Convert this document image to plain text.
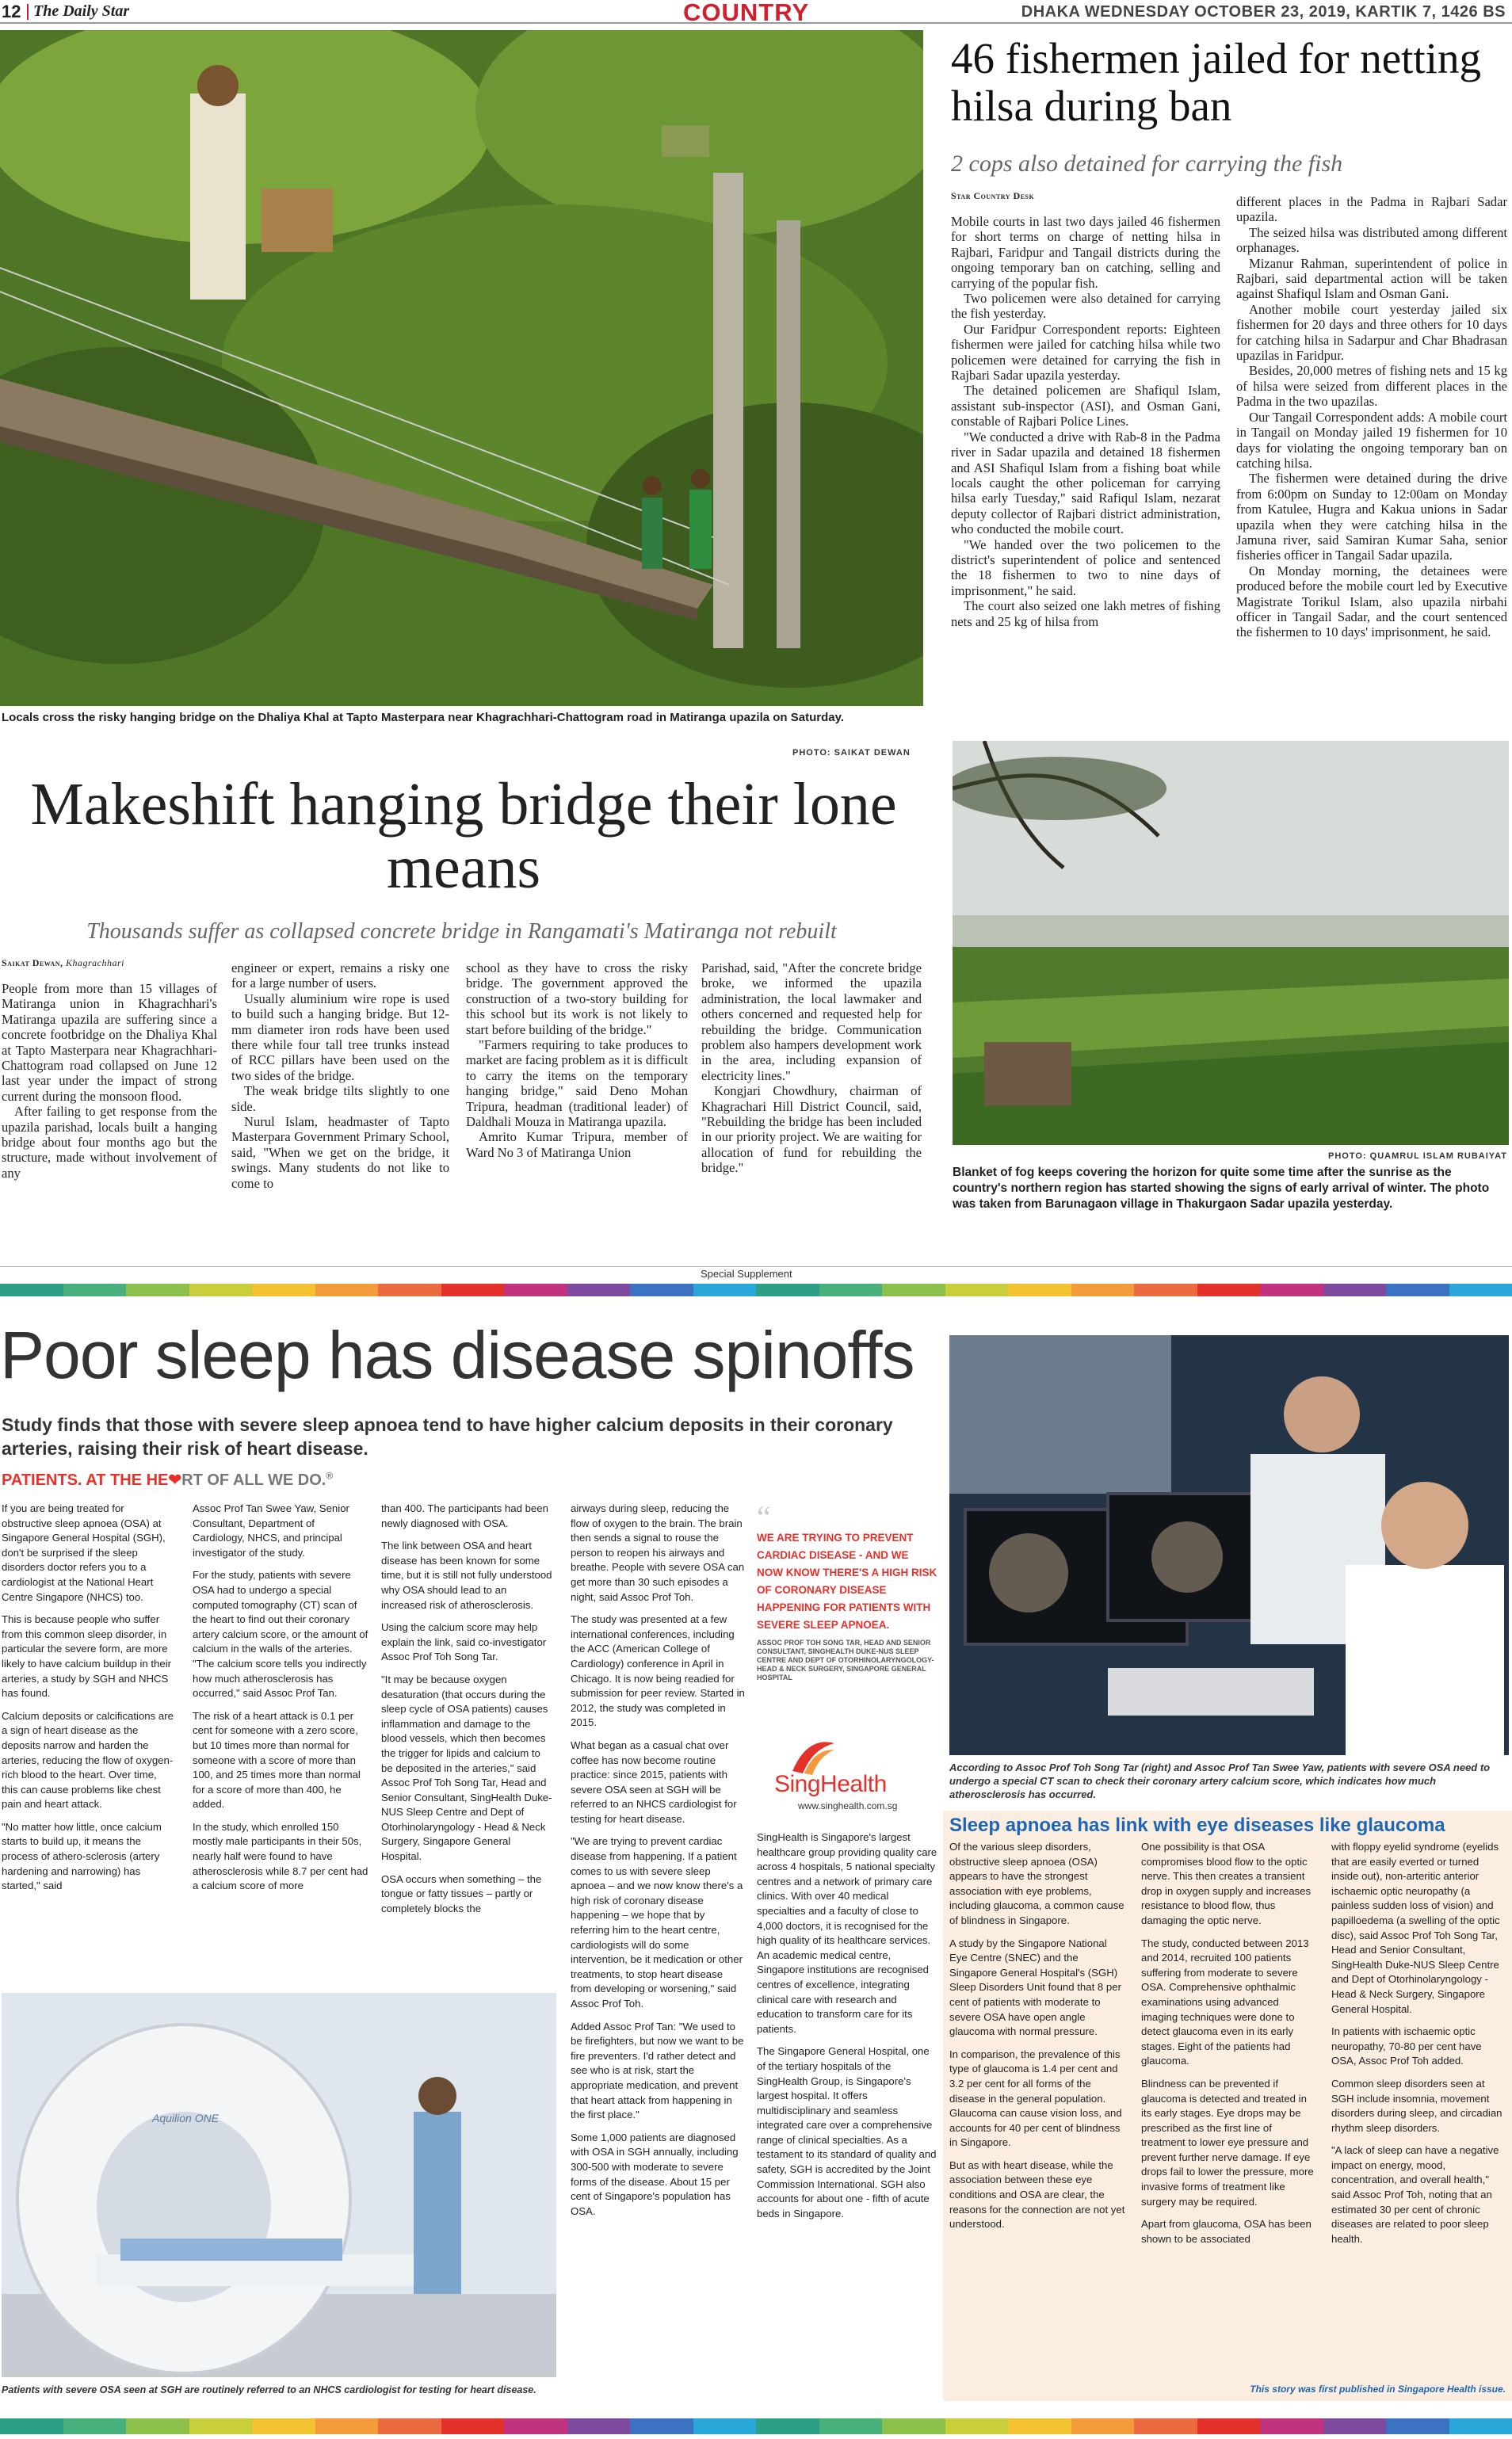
12 The Daily Star	COUNTRY	DHAKA WEDNESDAY OCTOBER 23, 2019, KARTIK 7, 1426 BS
Locals cross the risky hanging bridge on the Dhaliya Khal at Tapto Masterpara near Khagrachhari-Chattogram road in Matiranga upazila on Saturday.
PHOTO: SAIKAT DEWAN
46 fishermen jailed for netting hilsa during ban
2 cops also detained for carrying the fish
Star Country Desk

Mobile courts in last two days jailed 46 fishermen for short terms on charge of netting hilsa in Rajbari, Faridpur and Tangail districts during the ongoing temporary ban on catching, selling and carrying of the popular fish.

Two policemen were also detained for carrying the fish yesterday.

Our Faridpur Correspondent reports: Eighteen fishermen were jailed for catching hilsa while two policemen were detained for carrying the fish in Rajbari Sadar upazila yesterday.

The detained policemen are Shafiqul Islam, assistant sub-inspector (ASI), and Osman Gani, constable of Rajbari Police Lines.

"We conducted a drive with Rab-8 in the Padma river in Sadar upazila and detained 18 fishermen and ASI Shafiqul Islam from a fishing boat while locals caught the other policeman for carrying hilsa early Tuesday," said Rafiqul Islam, nezarat deputy collector of Rajbari district administration, who conducted the mobile court.

"We handed over the two policemen to the district's superintendent of police and sentenced the 18 fishermen to two to nine days of imprisonment," he said.

The court also seized one lakh metres of fishing nets and 25 kg of hilsa from

different places in the Padma in Rajbari Sadar upazila.

The seized hilsa was distributed among different orphanages.

Mizanur Rahman, superintendent of police in Rajbari, said departmental action will be taken against Shafiqul Islam and Osman Gani.

Another mobile court yesterday jailed six fishermen for 20 days and three others for 10 days for catching hilsa in Sadarpur and Char Bhadrasan upazilas in Faridpur.

Besides, 20,000 metres of fishing nets and 15 kg of hilsa were seized from different places in the Padma in the two upazilas.

Our Tangail Correspondent adds: A mobile court in Tangail on Monday jailed 19 fishermen for 10 days for violating the ongoing temporary ban on catching hilsa.

The fishermen were detained during the drive from 6:00pm on Sunday to 12:00am on Monday from Katulee, Hugra and Kakua unions in Sadar upazila when they were catching hilsa in the Jamuna river, said Samiran Kumar Saha, senior fisheries officer in Tangail Sadar upazila.

On Monday morning, the detainees were produced before the mobile court led by Executive Magistrate Torikul Islam, also upazila nirbahi officer in Tangail Sadar, and the court sentenced the fishermen to 10 days' imprisonment, he said.

Makeshift hanging bridge their lone means
Thousands suffer as collapsed concrete bridge in Rangamati's Matiranga not rebuilt
Saikat Dewan, Khagrachhari

People from more than 15 villages of Matiranga union in Khagrachhari's Matiranga upazila are suffering since a concrete footbridge on the Dhaliya Khal at Tapto Masterpara near Khagrachhari-Chattogram road collapsed on June 12 last year under the impact of strong current during the monsoon flood.

After failing to get response from the upazila parishad, locals built a hanging bridge about four months ago but the structure, made without involvement of any

engineer or expert, remains a risky one for a large number of users.

Usually aluminium wire rope is used to build such a hanging bridge. But 12-mm diameter iron rods have been used there while four tall tree trunks instead of RCC pillars have been used on the two sides of the bridge.

The weak bridge tilts slightly to one side.

Nurul Islam, headmaster of Tapto Masterpara Government Primary School, said, "When we get on the bridge, it swings. Many students do not like to come to

school as they have to cross the risky bridge. The government approved the construction of a two-story building for this school but its work is not likely to start before building of the bridge."

"Farmers requiring to take produces to market are facing problem as it is difficult to carry the items on the temporary hanging bridge," said Deno Mohan Tripura, headman (traditional leader) of Daldhali Mouza in Matiranga upazila.

Amrito Kumar Tripura, member of Ward No 3 of Matiranga Union

Parishad, said, "After the concrete bridge broke, we informed the upazila administration, the local lawmaker and others concerned and requested help for rebuilding the bridge. Communication problem also hampers development work in the area, including expansion of electricity lines."

Kongjari Chowdhury, chairman of Khagrachari Hill District Council, said, "Rebuilding the bridge has been included in our priority project. We are waiting for allocation of fund for rebuilding the bridge."

PHOTO: QUAMRUL ISLAM RUBAIYAT
Blanket of fog keeps covering the horizon for quite some time after the sunrise as the country's northern region has started showing the signs of early arrival of winter. The photo was taken from Barunagaon village in Thakurgaon Sadar upazila yesterday.
Special Supplement
Poor sleep has disease spinoffs
Study finds that those with severe sleep apnoea tend to have higher calcium deposits in their coronary arteries, raising their risk of heart disease.
PATIENTS. AT THE HE❤RT OF ALL WE DO.®

If you are being treated for obstructive sleep apnoea (OSA) at Singapore General Hospital (SGH), don't be surprised if the sleep disorders doctor refers you to a cardiologist at the National Heart Centre Singapore (NHCS) too.

This is because people who suffer from this common sleep disorder, in particular the severe form, are more likely to have calcium buildup in their arteries, a study by SGH and NHCS has found.

Calcium deposits or calcifications are a sign of heart disease as the deposits narrow and harden the arteries, reducing the flow of oxygen-rich blood to the heart. Over time, this can cause problems like chest pain and heart attack.

"No matter how little, once calcium starts to build up, it means the process of athero-sclerosis (artery hardening and narrowing) has started," said

Assoc Prof Tan Swee Yaw, Senior Consultant, Department of Cardiology, NHCS, and principal investigator of the study.

For the study, patients with severe OSA had to undergo a special computed tomography (CT) scan of the heart to find out their coronary artery calcium score, or the amount of calcium in the walls of the arteries. "The calcium score tells you indirectly how much atherosclerosis has occurred," said Assoc Prof Tan.

The risk of a heart attack is 0.1 per cent for someone with a zero score, but 10 times more than normal for someone with a score of more than 100, and 25 times more than normal for a score of more than 400, he added.

In the study, which enrolled 150 mostly male participants in their 50s, nearly half were found to have atherosclerosis while 8.7 per cent had a calcium score of more

than 400. The participants had been newly diagnosed with OSA.

The link between OSA and heart disease has been known for some time, but it is still not fully understood why OSA should lead to an increased risk of atherosclerosis.

Using the calcium score may help explain the link, said co-investigator Assoc Prof Toh Song Tar.

"It may be because oxygen desaturation (that occurs during the sleep cycle of OSA patients) causes inflammation and damage to the blood vessels, which then becomes the trigger for lipids and calcium to be deposited in the arteries," said Assoc Prof Toh Song Tar, Head and Senior Consultant, SingHealth Duke-NUS Sleep Centre and Dept of Otorhinolaryngology - Head & Neck Surgery, Singapore General Hospital.

OSA occurs when something – the tongue or fatty tissues – partly or completely blocks the

airways during sleep, reducing the flow of oxygen to the brain. The brain then sends a signal to rouse the person to reopen his airways and breathe. People with severe OSA can get more than 30 such episodes a night, said Assoc Prof Toh.

The study was presented at a few international conferences, including the ACC (American College of Cardiology) conference in April in Chicago. It is now being readied for submission for peer review. Started in 2012, the study was completed in 2015.

What began as a casual chat over coffee has now become routine practice: since 2015, patients with severe OSA seen at SGH will be referred to an NHCS cardiologist for testing for heart disease.

"We are trying to prevent cardiac disease from happening. If a patient comes to us with severe sleep apnoea – and we now know there's a high risk of coronary disease happening – we hope that by referring him to the heart centre, cardiologists will do some intervention, be it medication or other treatments, to stop heart disease from developing or worsening," said Assoc Prof Toh.

Added Assoc Prof Tan: "We used to be firefighters, but now we want to be fire preventers. I'd rather detect and see who is at risk, start the appropriate medication, and prevent that heart attack from happening in the first place."

Some 1,000 patients are diagnosed with OSA in SGH annually, including 300-500 with moderate to severe forms of the disease. About 15 per cent of Singapore's population has OSA.

Aquilion ONE
Patients with severe OSA seen at SGH are routinely referred to an NHCS cardiologist for testing for heart disease.
“
WE ARE TRYING TO PREVENT CARDIAC DISEASE - AND WE NOW KNOW THERE'S A HIGH RISK OF CORONARY DISEASE HAPPENING FOR PATIENTS WITH SEVERE SLEEP APNOEA.
ASSOC PROF TOH SONG TAR, HEAD AND SENIOR CONSULTANT, SINGHEALTH DUKE-NUS SLEEP CENTRE AND DEPT OF OTORHINOLARYNGOLOGY-HEAD & NECK SURGERY, SINGAPORE GENERAL HOSPITAL
SingHealth
www.singhealth.com.sg

SingHealth is Singapore's largest healthcare group providing quality care across 4 hospitals, 5 national specialty centres and a network of primary care clinics. With over 40 medical specialties and a faculty of close to 4,000 doctors, it is recognised for the high quality of its healthcare services. An academic medical centre, Singapore institutions are recognised centres of excellence, integrating clinical care with research and education to transform care for its patients.

The Singapore General Hospital, one of the tertiary hospitals of the SingHealth Group, is Singapore's largest hospital. It offers multidisciplinary and seamless integrated care over a comprehensive range of clinical specialties. As a testament to its standard of quality and safety, SGH is accredited by the Joint Commission International. SGH also accounts for about one - fifth of acute beds in Singapore.

According to Assoc Prof Toh Song Tar (right) and Assoc Prof Tan Swee Yaw, patients with severe OSA need to undergo a special CT scan to check their coronary artery calcium score, which indicates how much atherosclerosis has occurred.
Sleep apnoea has link with eye diseases like glaucoma

Of the various sleep disorders, obstructive sleep apnoea (OSA) appears to have the strongest association with eye problems, including glaucoma, a common cause of blindness in Singapore.

A study by the Singapore National Eye Centre (SNEC) and the Singapore General Hospital's (SGH) Sleep Disorders Unit found that 8 per cent of patients with moderate to severe OSA have open angle glaucoma with normal pressure.

In comparison, the prevalence of this type of glaucoma is 1.4 per cent and 3.2 per cent for all forms of the disease in the general population. Glaucoma can cause vision loss, and accounts for 40 per cent of blindness in Singapore.

But as with heart disease, while the association between these eye conditions and OSA are clear, the reasons for the connection are not yet understood.

One possibility is that OSA compromises blood flow to the optic nerve. This then creates a transient drop in oxygen supply and increases resistance to blood flow, thus damaging the optic nerve.

The study, conducted between 2013 and 2014, recruited 100 patients suffering from moderate to severe OSA. Comprehensive ophthalmic examinations using advanced imaging techniques were done to detect glaucoma even in its early stages. Eight of the patients had glaucoma.

Blindness can be prevented if glaucoma is detected and treated in its early stages. Eye drops may be prescribed as the first line of treatment to lower eye pressure and prevent further nerve damage. If eye drops fail to lower the pressure, more invasive forms of treatment like surgery may be required.

Apart from glaucoma, OSA has been shown to be associated

with floppy eyelid syndrome (eyelids that are easily everted or turned inside out), non-arteritic anterior ischaemic optic neuropathy (a painless sudden loss of vision) and papilloedema (a swelling of the optic disc), said Assoc Prof Toh Song Tar, Head and Senior Consultant, SingHealth Duke-NUS Sleep Centre and Dept of Otorhinolaryngology - Head & Neck Surgery, Singapore General Hospital.

In patients with ischaemic optic neuropathy, 70-80 per cent have OSA, Assoc Prof Toh added.

Common sleep disorders seen at SGH include insomnia, movement disorders during sleep, and circadian rhythm sleep disorders.

"A lack of sleep can have a negative impact on energy, mood, concentration, and overall health," said Assoc Prof Toh, noting that an estimated 30 per cent of chronic diseases are related to poor sleep health.

This story was first published in Singapore Health issue.
